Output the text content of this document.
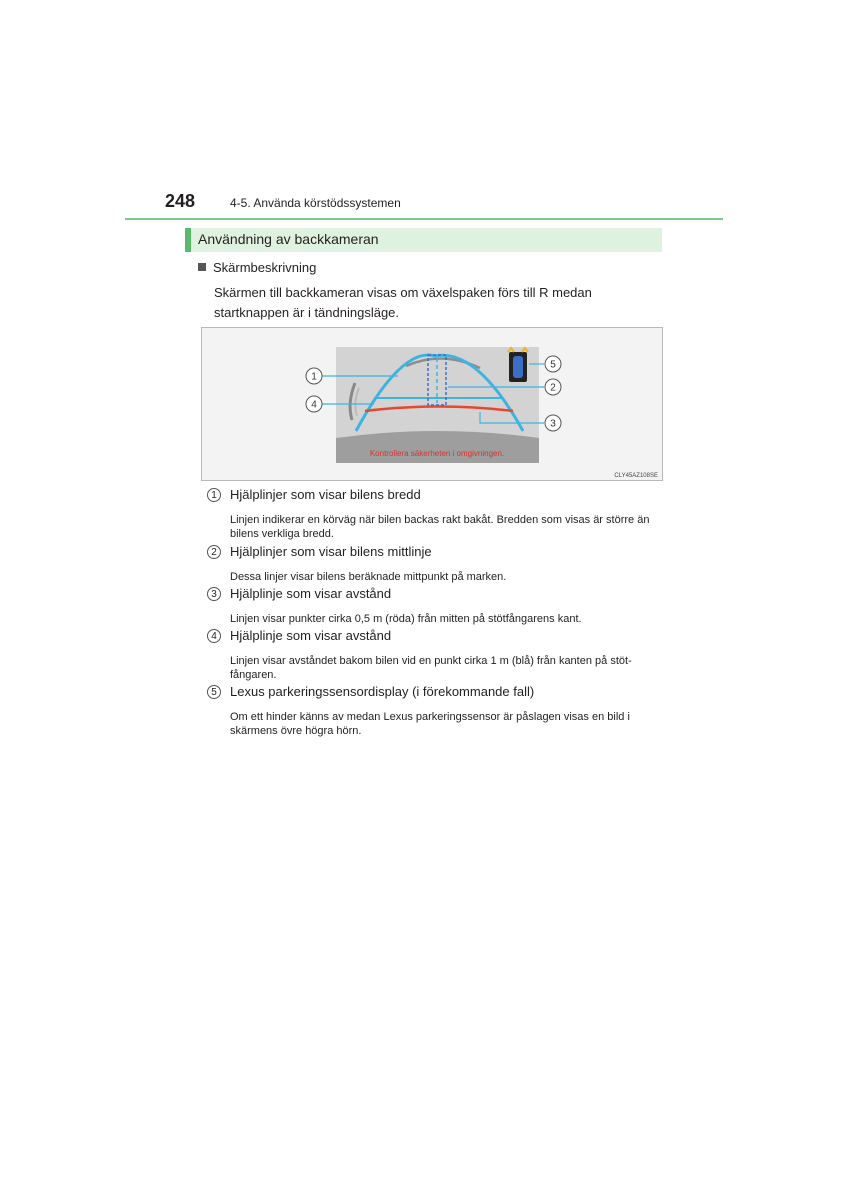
248	4-5. Använda körstödssystemen
Användning av backkameran
Skärmbeskrivning
Skärmen till backkameran visas om växelspaken förs till R medan startknappen är i tändningsläge.
Kontrollera säkerheten i omgivningen.
1
4
5
2
3
CLY45AZ108SE
1	Hjälplinjer som visar bilens bredd
Linjen indikerar en körväg när bilen backas rakt bakåt. Bredden som visas är större än bilens verkliga bredd.
2	Hjälplinjer som visar bilens mittlinje
Dessa linjer visar bilens beräknade mittpunkt på marken.
3	Hjälplinje som visar avstånd
Linjen visar punkter cirka 0,5 m (röda) från mitten på stötfångarens kant.
4	Hjälplinje som visar avstånd
Linjen visar avståndet bakom bilen vid en punkt cirka 1 m (blå) från kanten på stöt-fångaren.
5	Lexus parkeringssensordisplay (i förekommande fall)
Om ett hinder känns av medan Lexus parkeringssensor är påslagen visas en bild i skärmens övre högra hörn.
